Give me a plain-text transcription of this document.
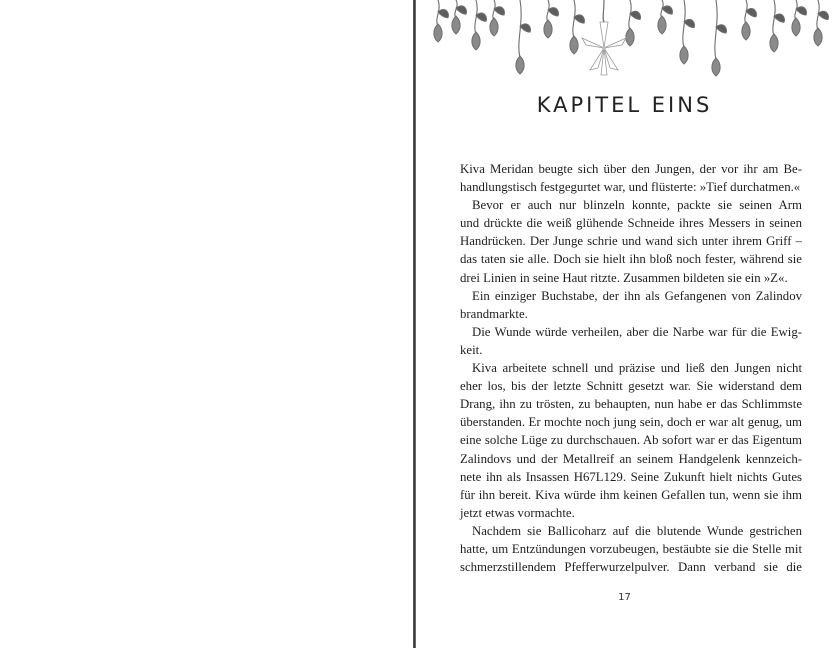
KAPITEL EINS
Kiva Meridan beugte sich über den Jungen, der vor ihr am Be-
handlungstisch festgegurtet war, und flüsterte: »Tief durchatmen.«
Bevor er auch nur blinzeln konnte, packte sie seinen Arm
und drückte die weiß glühende Schneide ihres Messers in seinen
Handrücken. Der Junge schrie und wand sich unter ihrem Griff –
das taten sie alle. Doch sie hielt ihn bloß noch fester, während sie
drei Linien in seine Haut ritzte. Zusammen bildeten sie ein »Z«.
Ein einziger Buchstabe, der ihn als Gefangenen von Zalindov
brandmarkte.
Die Wunde würde verheilen, aber die Narbe war für die Ewig-
keit.
Kiva arbeitete schnell und präzise und ließ den Jungen nicht
eher los, bis der letzte Schnitt gesetzt war. Sie widerstand dem
Drang, ihn zu trösten, zu behaupten, nun habe er das Schlimmste
überstanden. Er mochte noch jung sein, doch er war alt genug, um
eine solche Lüge zu durchschauen. Ab sofort war er das Eigentum
Zalindovs und der Metallreif an seinem Handgelenk kennzeich-
nete ihn als Insassen H67L129. Seine Zukunft hielt nichts Gutes
für ihn bereit. Kiva würde ihm keinen Gefallen tun, wenn sie ihm
jetzt etwas vormachte.
Nachdem sie Ballicoharz auf die blutende Wunde gestrichen
hatte, um Entzündungen vorzubeugen, bestäubte sie die Stelle mit
schmerzstillendem Pfefferwurzelpulver. Dann verband sie die
17
